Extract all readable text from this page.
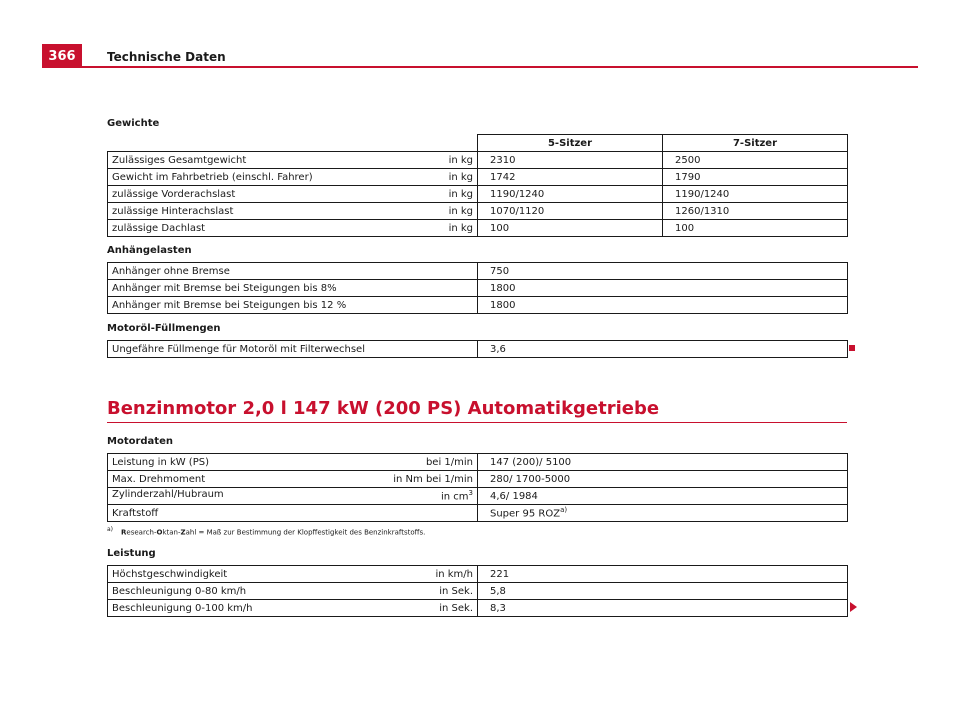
366	Technische Daten
Gewichte
	5-Sitzer	7-Sitzer

Zulässiges Gesamtgewicht in kg	2310	2500

Gewicht im Fahrbetrieb (einschl. Fahrer) in kg	1742	1790

zulässige Vorderachslast in kg	1190/1240	1190/1240

zulässige Hinterachslast in kg	1070/1120	1260/1310

zulässige Dachlast in kg	100	100
Anhängelasten
Anhänger ohne Bremse	750
Anhänger mit Bremse bei Steigungen bis 8%	1800
Anhänger mit Bremse bei Steigungen bis 12 %	1800
Motoröl-Füllmengen
Ungefähre Füllmenge für Motoröl mit Filterwechsel	3,6
Benzinmotor 2,0 l 147 kW (200 PS) Automatikgetriebe
Motordaten
Leistung in kW (PS) bei 1/min	147 (200)/ 5100

Max. Drehmoment in Nm bei 1/min	280/ 1700-5000

Zylinderzahl/Hubraum in $cm^3$	4,6/ 1984

Kraftstoff	Super 95 ROZ$^{a)}$
$^{a)}$ Research-Oktan-Zahl = Maß zur Bestimmung der Klopffestigkeit des Benzinkraftstoffs.
Leistung
Höchstgeschwindigkeit in km/h	221

Beschleunigung 0-80 km/h in Sek.	5,8

Beschleunigung 0-100 km/h in Sek.	8,3
